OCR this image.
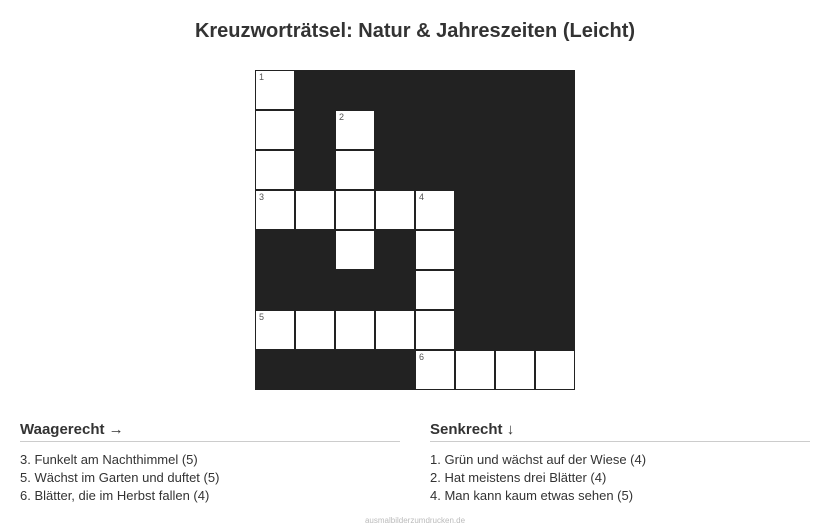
Kreuzworträtsel: Natur & Jahreszeiten (Leicht)
1
2
3	4
5
6
Waagerecht →
3. Funkelt am Nachthimmel (5)
5. Wächst im Garten und duftet (5)
6. Blätter, die im Herbst fallen (4)
Senkrecht ↓
1. Grün und wächst auf der Wiese (4)
2. Hat meistens drei Blätter (4)
4. Man kann kaum etwas sehen (5)
ausmalbilderzumdrucken.de
